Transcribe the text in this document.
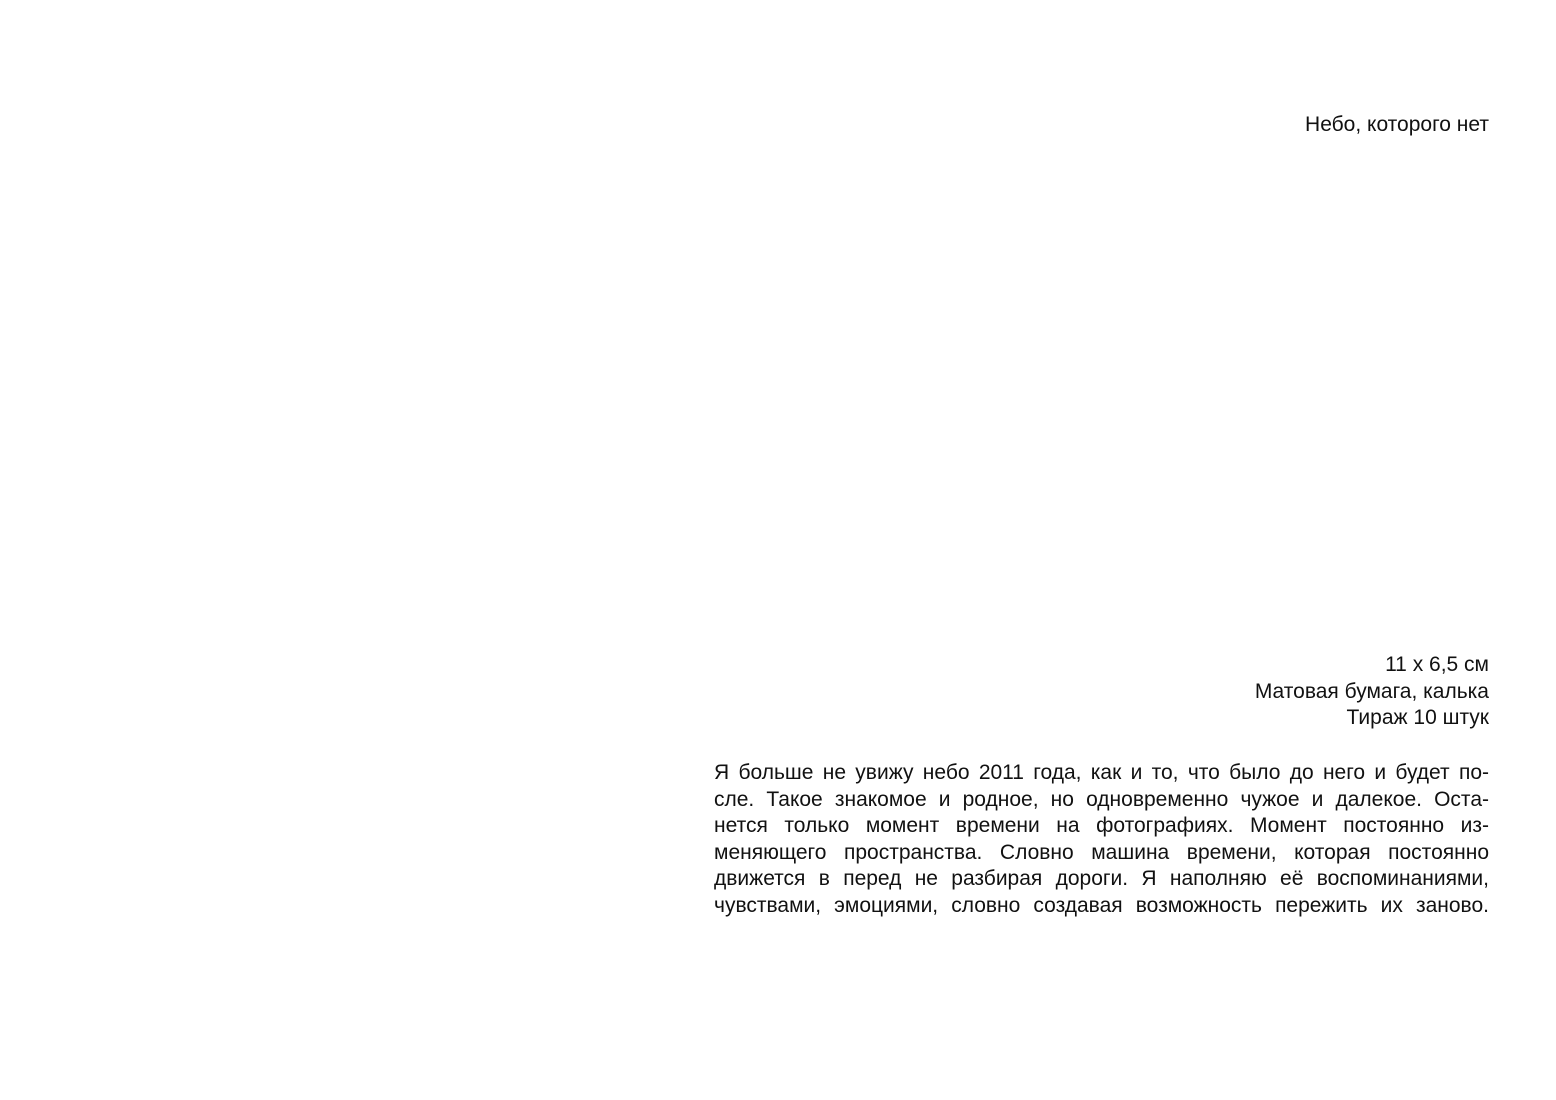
Небо, которого нет
11 х 6,5 см
Матовая бумага, калька
Тираж 10 штук
Я больше не увижу небо 2011 года, как и то, что было до него и будет по-
сле. Такое знакомое и родное, но одновременно чужое и далекое. Оста-
нется только момент времени на фотографиях. Момент постоянно из-
меняющего пространства. Словно машина времени, которая постоянно
движется в перед не разбирая дороги. Я наполняю её воспоминаниями,
чувствами, эмоциями, словно создавая возможность пережить их заново.
